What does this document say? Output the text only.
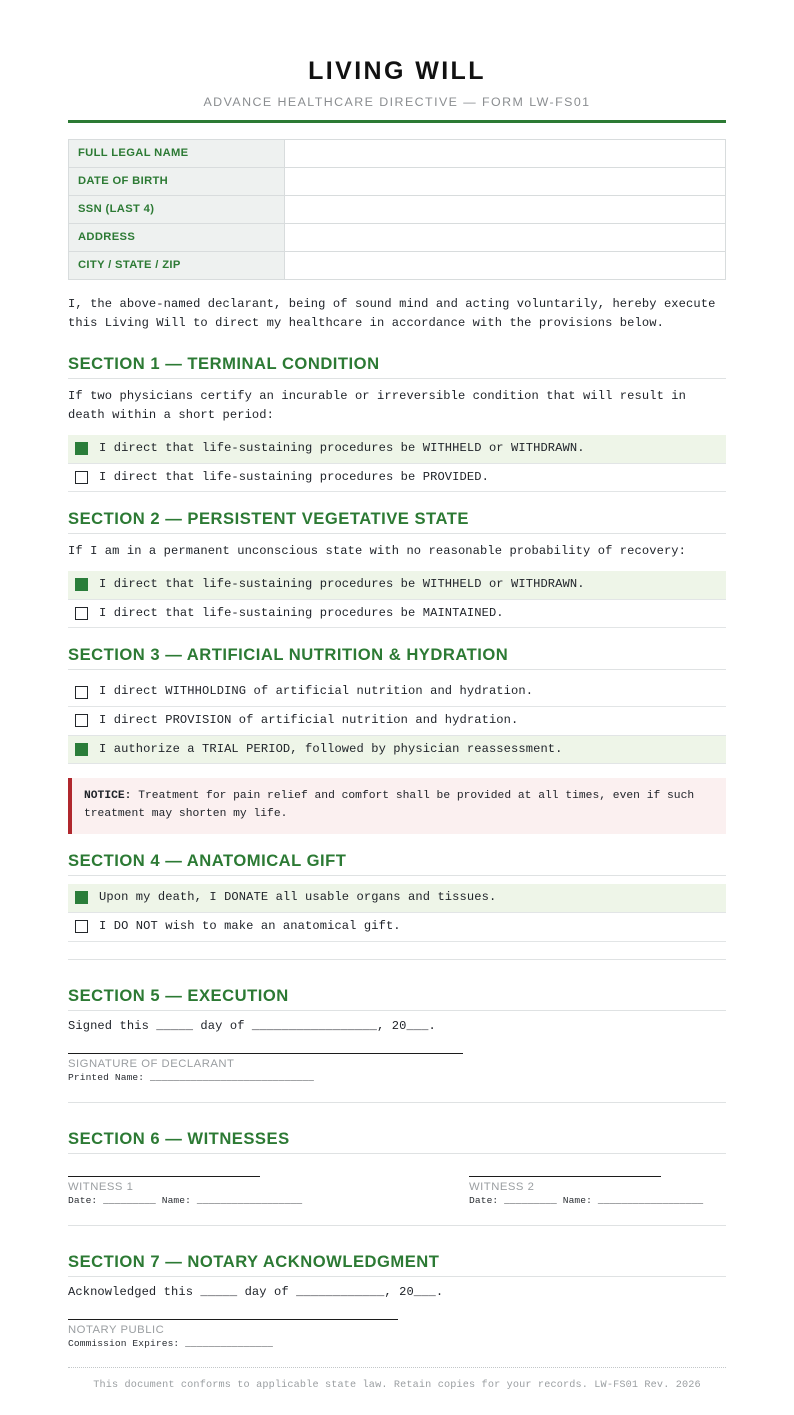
LIVING WILL
ADVANCE HEALTHCARE DIRECTIVE — FORM LW-FS01
FULL LEGAL NAME	
DATE OF BIRTH	
SSN (LAST 4)	
ADDRESS	
CITY / STATE / ZIP	

I, the above-named declarant, being of sound mind and acting voluntarily, hereby execute this Living Will to direct my healthcare in accordance with the provisions below.

SECTION 1 — TERMINAL CONDITION

If two physicians certify an incurable or irreversible condition that will result in death within a short period:

I direct that life-sustaining procedures be WITHHELD or WITHDRAWN.
I direct that life-sustaining procedures be PROVIDED.
SECTION 2 — PERSISTENT VEGETATIVE STATE

If I am in a permanent unconscious state with no reasonable probability of recovery:

I direct that life-sustaining procedures be WITHHELD or WITHDRAWN.
I direct that life-sustaining procedures be MAINTAINED.
SECTION 3 — ARTIFICIAL NUTRITION & HYDRATION
I direct WITHHOLDING of artificial nutrition and hydration.
I direct PROVISION of artificial nutrition and hydration.
I authorize a TRIAL PERIOD, followed by physician reassessment.

NOTICE: Treatment for pain relief and comfort shall be provided at all times, even if such treatment may shorten my life.

SECTION 4 — ANATOMICAL GIFT
Upon my death, I DONATE all usable organs and tissues.
I DO NOT wish to make an anatomical gift.
SECTION 5 — EXECUTION

Signed this _____ day of _________________, 20___.

SIGNATURE OF DECLARANT

Printed Name: ____________________________

SECTION 6 — WITNESSES
WITNESS 1

Date: _________ Name: __________________

WITNESS 2

Date: _________ Name: __________________

SECTION 7 — NOTARY ACKNOWLEDGMENT

Acknowledged this _____ day of ____________, 20___.

NOTARY PUBLIC

Commission Expires: _______________

This document conforms to applicable state law. Retain copies for your records. LW-FS01 Rev. 2026
